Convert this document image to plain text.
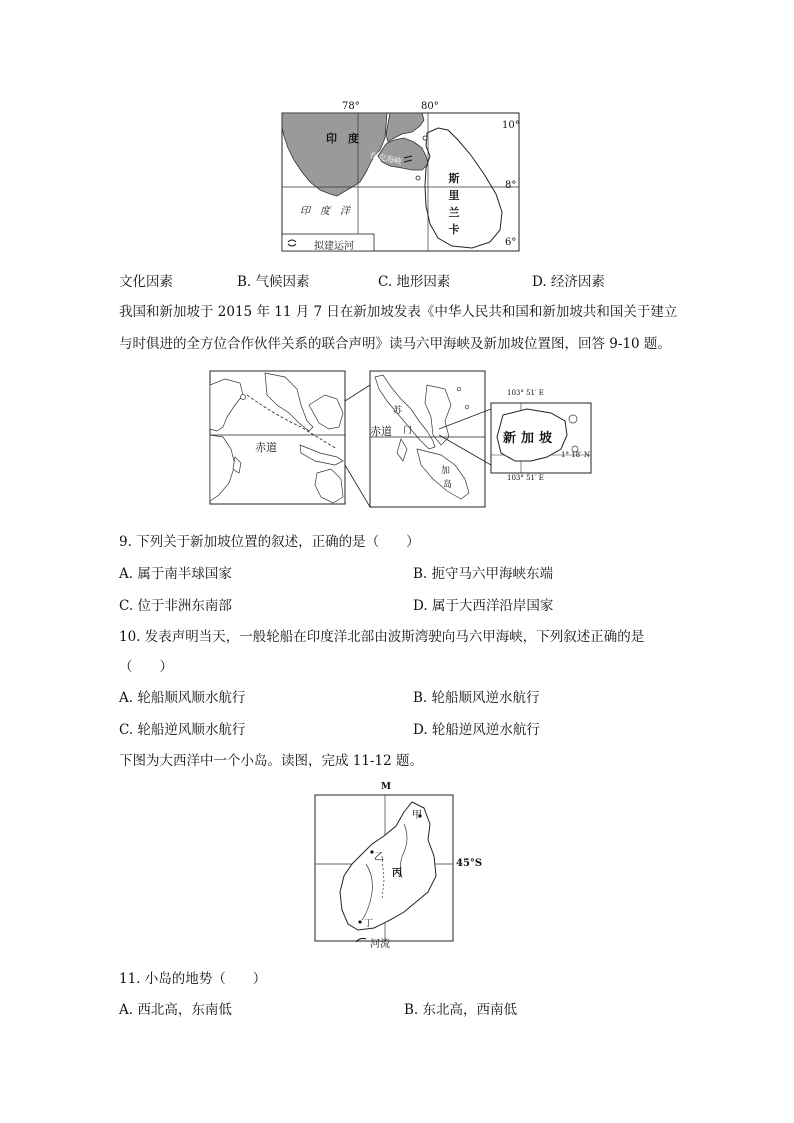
78°	80°
10°
8°
6°
印　度
保克海峡
印　度　洋
斯
里
兰
卡
拟建运河
文化因素	B. 气候因素	C. 地形因素	D. 经济因素
我国和新加坡于 2015 年 11 月 7 日在新加坡发表《中华人民共和国和新加坡共和国关于建立
与时俱进的全方位合作伙伴关系的联合声明》读马六甲海峡及新加坡位置图，回答 9-10 题。
赤道
赤道
苏
门
加
岛
103° 51′ E
103° 51′ E
1° 18′ N
新 加 坡
9. 下列关于新加坡位置的叙述，正确的是（　　）
A. 属于南半球国家	B. 扼守马六甲海峡东端
C. 位于非洲东南部	D. 属于大西洋沿岸国家
10. 发表声明当天，一般轮船在印度洋北部由波斯湾驶向马六甲海峡，下列叙述正确的是
（　　）
A. 轮船顺风顺水航行	B. 轮船顺风逆水航行
C. 轮船逆风顺水航行	D. 轮船逆风逆水航行
下图为大西洋中一个小岛。读图，完成 11-12 题。
M
45°S
甲
乙
丙
丁
河流
11. 小岛的地势（　　）
A. 西北高，东南低	B. 东北高，西南低
